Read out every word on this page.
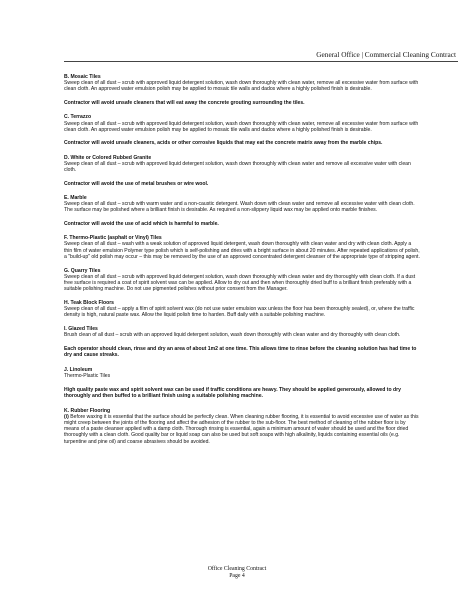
General Office | Commercial Cleaning Contract

B. Mosaic Tiles

Sweep clean of all dust – scrub with approved liquid detergent solution, wash down thoroughly with clean water, remove all excessive water from surface with clean cloth. An approved water emulsion polish may be applied to mosaic tile walls and dados where a highly polished finish is desirable.

Contractor will avoid unsafe cleaners that will eat away the concrete grouting surrounding the tiles.

C. Terrazzo

Sweep clean of all dust – scrub with approved liquid detergent solution, wash down thoroughly with clean water, remove all excessive water from surface with clean cloth. An approved water emulsion polish may be applied to mosaic tile walls and dados where a highly polished finish is desirable.

Contractor will avoid unsafe cleaners, acids or other corrosive liquids that may eat the concrete matrix away from the marble chips.

D. White or Colored Rubbed Granite

Sweep clean of all dust – scrub with approved liquid detergent solution, wash down thoroughly with clean water and remove all excessive water with clean cloth.

Contractor will avoid the use of metal brushes or wire wool.

E. Marble

Sweep clean of all dust – scrub with warm water and a non-caustic detergent. Wash down with clean water and remove all excessive water with clean cloth. The surface may be polished where a brilliant finish is desirable. As required a non-slippery liquid wax may be applied onto marble finishes.

Contractor will avoid the use of acid which is harmful to marble.

F. Thermo-Plastic (asphalt or Vinyl) Tiles

Sweep clean of all dust – wash with a weak solution of approved liquid detergent, wash down thoroughly with clean water and dry with clean cloth. Apply a thin film of water emulsion Polymer type polish which is self-polishing and dries with a bright surface in about 20 minutes. After repeated applications of polish, a "build-up" old polish may occur – this may be removed by the use of an approved concentrated detergent cleanser of the appropriate type of stripping agent.

G. Quarry Tiles

Sweep clean of all dust – scrub with approved liquid detergent solution, wash down thoroughly with clean water and dry thoroughly with clean cloth. If a dust free surface is required a coat of spirit solvent wax can be applied. Allow to dry out and then when thoroughly dried buff to a brilliant finish preferably with a suitable polishing machine. Do not use pigmented polishes without prior consent from the Manager.

H. Teak Block Floors

Sweep clean of all dust – apply a film of spirit solvent wax (do not use water emulsion wax unless the floor has been thoroughly sealed), or, where the traffic density is high, natural paste wax. Allow the liquid polish time to harden. Buff daily with a suitable polishing machine.

I. Glazed Tiles

Brush clean of all dust – scrub with an approved liquid detergent solution, wash down thoroughly with clean water and dry thoroughly with clean cloth.

Each operator should clean, rinse and dry an area of about 1m2 at one time. This allows time to rinse before the cleaning solution has had time to dry and cause streaks.

J. Linoleum

Thermo-Plastic Tiles

High quality paste wax and spirit solvent wax can be used if traffic conditions are heavy. They should be applied generously, allowed to dry thoroughly and then buffed to a brilliant finish using a suitable polishing machine.

K. Rubber Flooring

(i) Before waxing it is essential that the surface should be perfectly clean. When cleaning rubber flooring, it is essential to avoid excessive use of water as this might creep between the joints of the flooring and affect the adhesion of the rubber to the sub-floor. The best method of cleaning of the rubber floor is by means of a paste cleanser applied with a damp cloth. Thorough rinsing is essential, again a minimum amount of water should be used and the floor dried thoroughly with a clean cloth. Good quality bar or liquid soap can also be used but soft soaps with high alkalinity, liquids containing essential oils (e.g. turpentine and pine oil) and coarse abrasives should be avoided.

Office Cleaning Contract
Page 4
